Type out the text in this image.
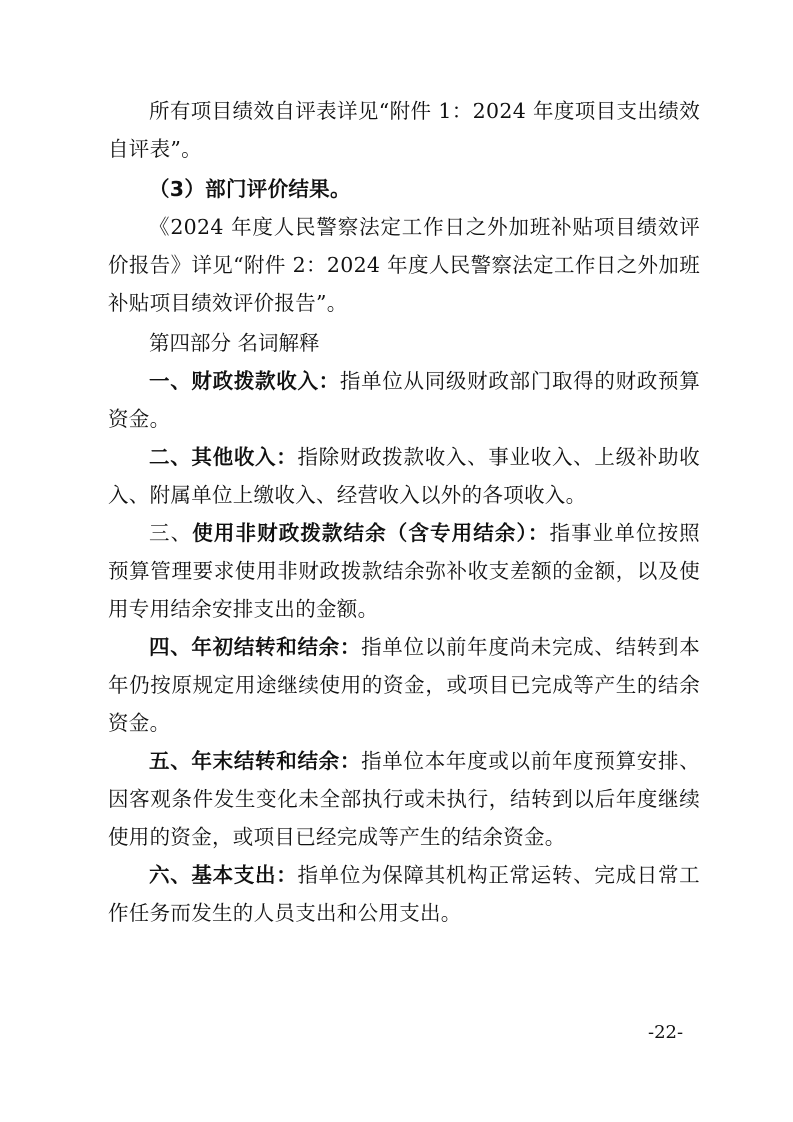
所有项目绩效自评表详见“附件 1：2024 年度项目支出绩效自评表”。

（3）部门评价结果。

《2024 年度人民警察法定工作日之外加班补贴项目绩效评价报告》详见“附件 2：2024 年度人民警察法定工作日之外加班补贴项目绩效评价报告”。

第四部分 名词解释

一、财政拨款收入：指单位从同级财政部门取得的财政预算资金。

二、其他收入：指除财政拨款收入、事业收入、上级补助收入、附属单位上缴收入、经营收入以外的各项收入。

三、使用非财政拨款结余（含专用结余）：指事业单位按照预算管理要求使用非财政拨款结余弥补收支差额的金额，以及使用专用结余安排支出的金额。

四、年初结转和结余：指单位以前年度尚未完成、结转到本年仍按原规定用途继续使用的资金，或项目已完成等产生的结余资金。

五、年末结转和结余：指单位本年度或以前年度预算安排、因客观条件发生变化未全部执行或未执行，结转到以后年度继续使用的资金，或项目已经完成等产生的结余资金。

六、基本支出：指单位为保障其机构正常运转、完成日常工作任务而发生的人员支出和公用支出。

-22-
